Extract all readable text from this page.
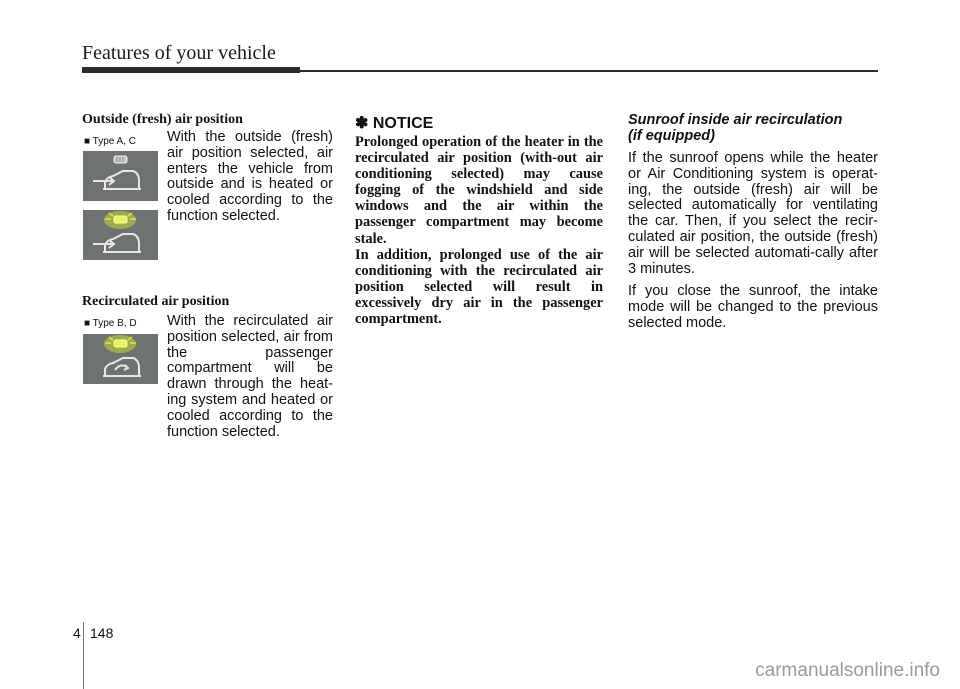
Features of your vehicle
Outside (fresh) air position
■ Type A, C With the outside (fresh) air position selected, air enters the vehicle from outside and is heated or cooled according to the function selected.

Recirculated air position
■ Type B, D With the recirculated air position selected, air from the passenger compartment will be drawn through the heat-ing system and heated or cooled according to the function selected.

✽ NOTICE

Prolonged operation of the heater in the recirculated air position (with-out air conditioning selected) may cause fogging of the windshield and side windows and the air within the passenger compartment may become stale.

In addition, prolonged use of the air conditioning with the recirculated air position selected will result in excessively dry air in the passenger compartment.

Sunroof inside air recirculation
(if equipped)

If the sunroof opens while the heater or Air Conditioning system is operat-ing, the outside (fresh) air will be selected automatically for ventilating the car. Then, if you select the recir-culated air position, the outside (fresh) air will be selected automati-cally after 3 minutes.

If you close the sunroof, the intake mode will be changed to the previous selected mode.

4 148
carmanualsonline.info
